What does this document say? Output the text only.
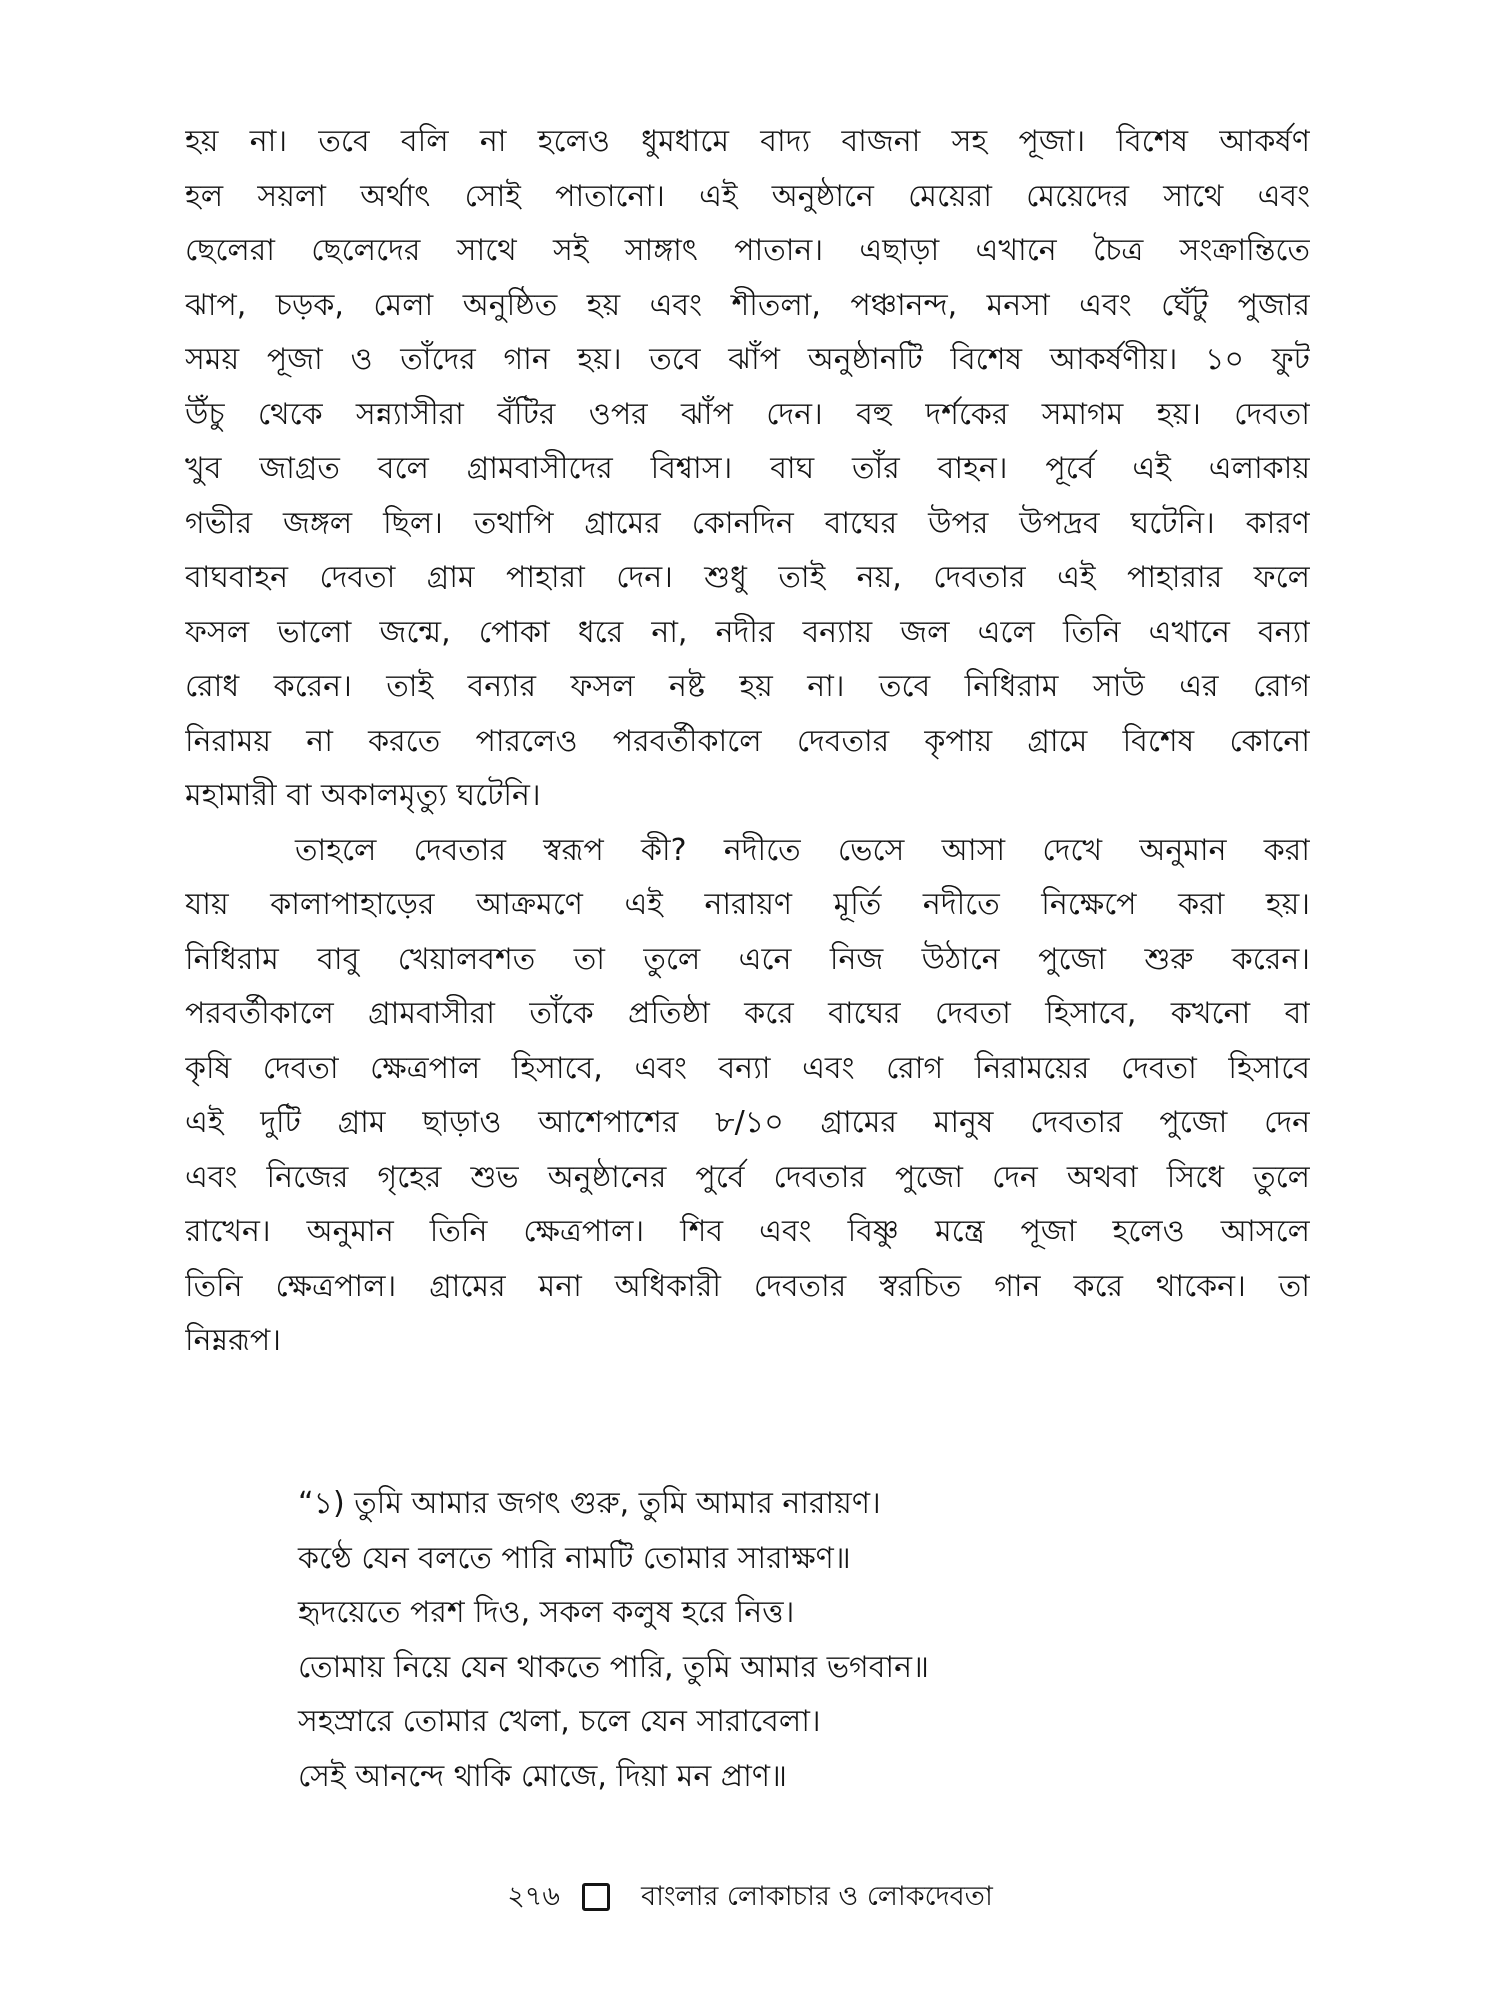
হয় না। তবে বলি না হলেও ধুমধামে বাদ্য বাজনা সহ পূজা। বিশেষ আকর্ষণ
হল সয়লা অর্থাৎ সোই পাতানো। এই অনুষ্ঠানে মেয়েরা মেয়েদের সাথে এবং
ছেলেরা ছেলেদের সাথে সই সাঙ্গাৎ পাতান। এছাড়া এখানে চৈত্র সংক্রান্তিতে
ঝাপ, চড়ক, মেলা অনুষ্ঠিত হয় এবং শীতলা, পঞ্চানন্দ, মনসা এবং ঘেঁটু পুজার
সময় পূজা ও তাঁদের গান হয়। তবে ঝাঁপ অনুষ্ঠানটি বিশেষ আকর্ষণীয়। ১০ ফুট
উঁচু থেকে সন্ন্যাসীরা বঁটির ওপর ঝাঁপ দেন। বহু দর্শকের সমাগম হয়। দেবতা
খুব জাগ্রত বলে গ্রামবাসীদের বিশ্বাস। বাঘ তাঁর বাহন। পূর্বে এই এলাকায়
গভীর জঙ্গল ছিল। তথাপি গ্রামের কোনদিন বাঘের উপর উপদ্রব ঘটেনি। কারণ
বাঘবাহন দেবতা গ্রাম পাহারা দেন। শুধু তাই নয়, দেবতার এই পাহারার ফলে
ফসল ভালো জন্মে, পোকা ধরে না, নদীর বন্যায় জল এলে তিনি এখানে বন্যা
রোধ করেন। তাই বন্যার ফসল নষ্ট হয় না। তবে নিধিরাম সাউ এর রোগ
নিরাময় না করতে পারলেও পরবর্তীকালে দেবতার কৃপায় গ্রামে বিশেষ কোনো
মহামারী বা অকালমৃত্যু ঘটেনি।
তাহলে দেবতার স্বরূপ কী? নদীতে ভেসে আসা দেখে অনুমান করা
যায় কালাপাহাড়ের আক্রমণে এই নারায়ণ মূর্তি নদীতে নিক্ষেপে করা হয়।
নিধিরাম বাবু খেয়ালবশত তা তুলে এনে নিজ উঠানে পুজো শুরু করেন।
পরবর্তীকালে গ্রামবাসীরা তাঁকে প্রতিষ্ঠা করে বাঘের দেবতা হিসাবে, কখনো বা
কৃষি দেবতা ক্ষেত্রপাল হিসাবে, এবং বন্যা এবং রোগ নিরাময়ের দেবতা হিসাবে
এই দুটি গ্রাম ছাড়াও আশেপাশের ৮/১০ গ্রামের মানুষ দেবতার পুজো দেন
এবং নিজের গৃহের শুভ অনুষ্ঠানের পুর্বে দেবতার পুজো দেন অথবা সিধে তুলে
রাখেন। অনুমান তিনি ক্ষেত্রপাল। শিব এবং বিষ্ণু মন্ত্রে পূজা হলেও আসলে
তিনি ক্ষেত্রপাল। গ্রামের মনা অধিকারী দেবতার স্বরচিত গান করে থাকেন। তা
নিম্নরূপ।
“১) তুমি আমার জগৎ গুরু, তুমি আমার নারায়ণ।
কণ্ঠে যেন বলতে পারি নামটি তোমার সারাক্ষণ॥
হৃদয়েতে পরশ দিও, সকল কলুষ হরে নিত্ত।
তোমায় নিয়ে যেন থাকতে পারি, তুমি আমার ভগবান॥
সহস্রারে তোমার খেলা, চলে যেন সারাবেলা।
সেই আনন্দে থাকি মোজে, দিয়া মন প্রাণ॥
২৭৬	বাংলার লোকাচার ও লোকদেবতা
